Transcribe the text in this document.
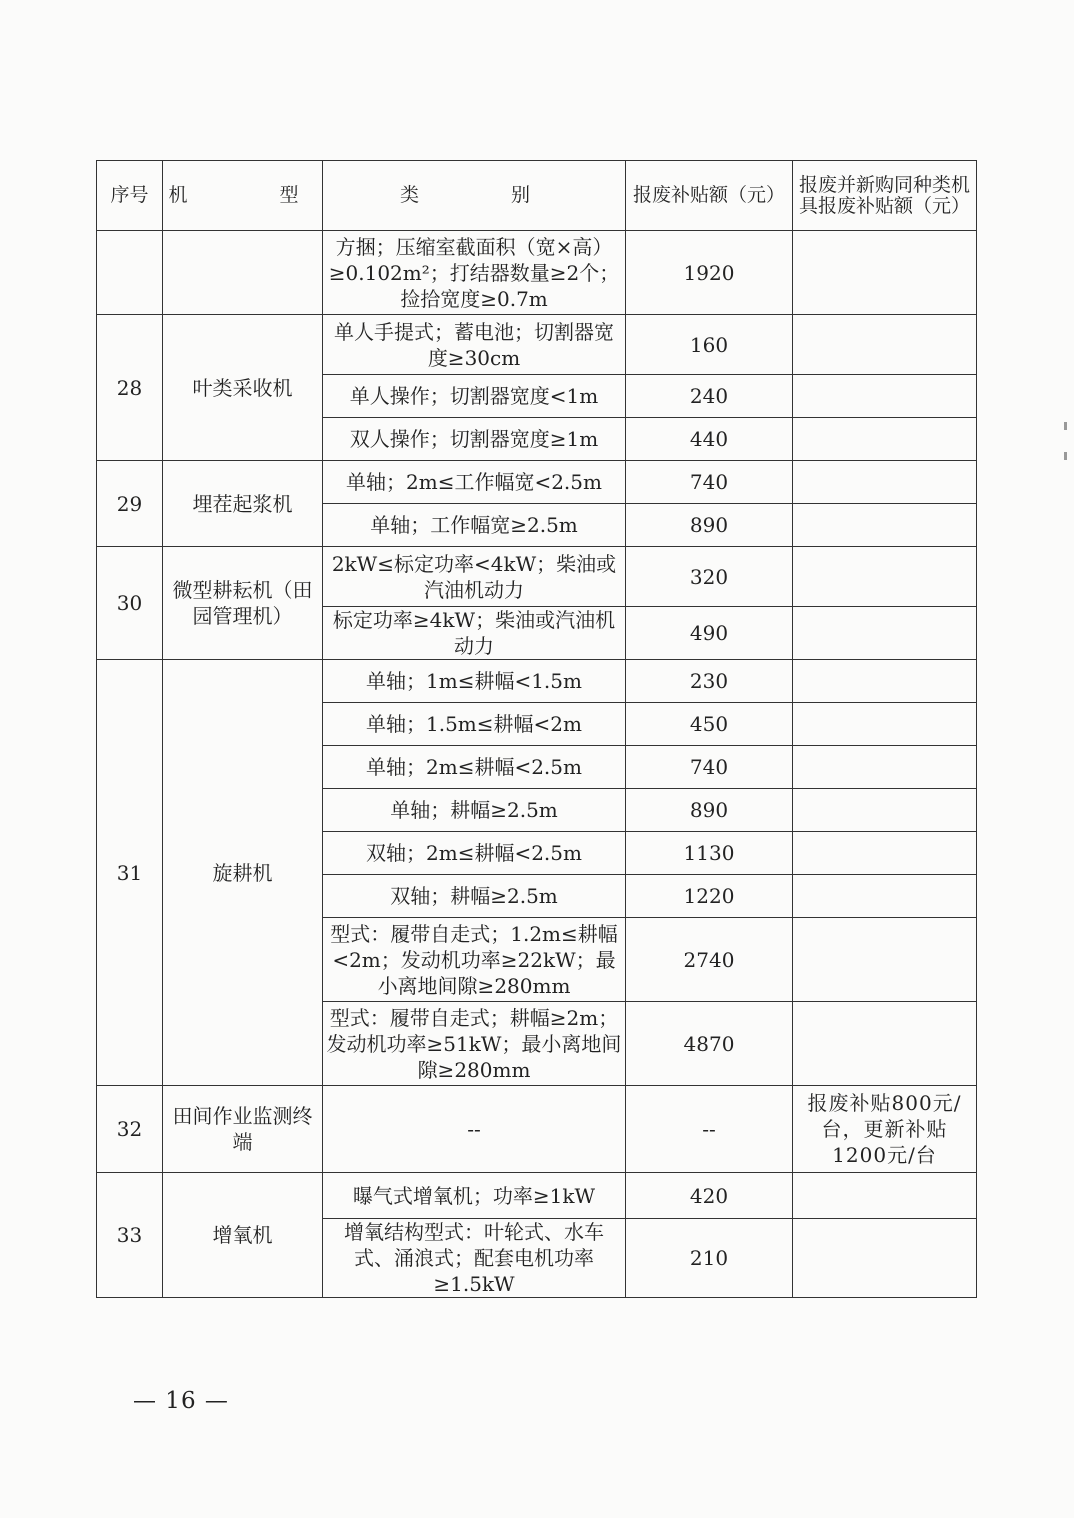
序号	机　　型	类　　别	报废补贴额（元）	报废并新购同种类机具报废补贴额（元）
		方捆；压缩室截面积（宽×高）≥0.102m²；打结器数量≥2个；捡拾宽度≥0.7m	1920	
28	叶类采收机	单人手提式；蓄电池；切割器宽度≥30cm	160	
		单人操作；切割器宽度<1m	240	
		双人操作；切割器宽度≥1m	440	
29	埋茬起浆机	单轴；2m≤工作幅宽<2.5m	740	
		单轴；工作幅宽≥2.5m	890	
30	微型耕耘机（田园管理机）	2kW≤标定功率<4kW；柴油或汽油机动力	320	
		标定功率≥4kW；柴油或汽油机动力	490	
31	旋耕机	单轴；1m≤耕幅<1.5m	230	
		单轴；1.5m≤耕幅<2m	450	
		单轴；2m≤耕幅<2.5m	740	
		单轴；耕幅≥2.5m	890	
		双轴；2m≤耕幅<2.5m	1130	
		双轴；耕幅≥2.5m	1220	
		型式：履带自走式；1.2m≤耕幅<2m；发动机功率≥22kW；最小离地间隙≥280mm	2740	
		型式：履带自走式；耕幅≥2m；发动机功率≥51kW；最小离地间隙≥280mm	4870	
32	田间作业监测终端	--	--	报废补贴800元/台，更新补贴1200元/台
33	增氧机	曝气式增氧机；功率≥1kW	420	
		增氧结构型式：叶轮式、水车式、涌浪式；配套电机功率≥1.5kW	210	
— 16 —
